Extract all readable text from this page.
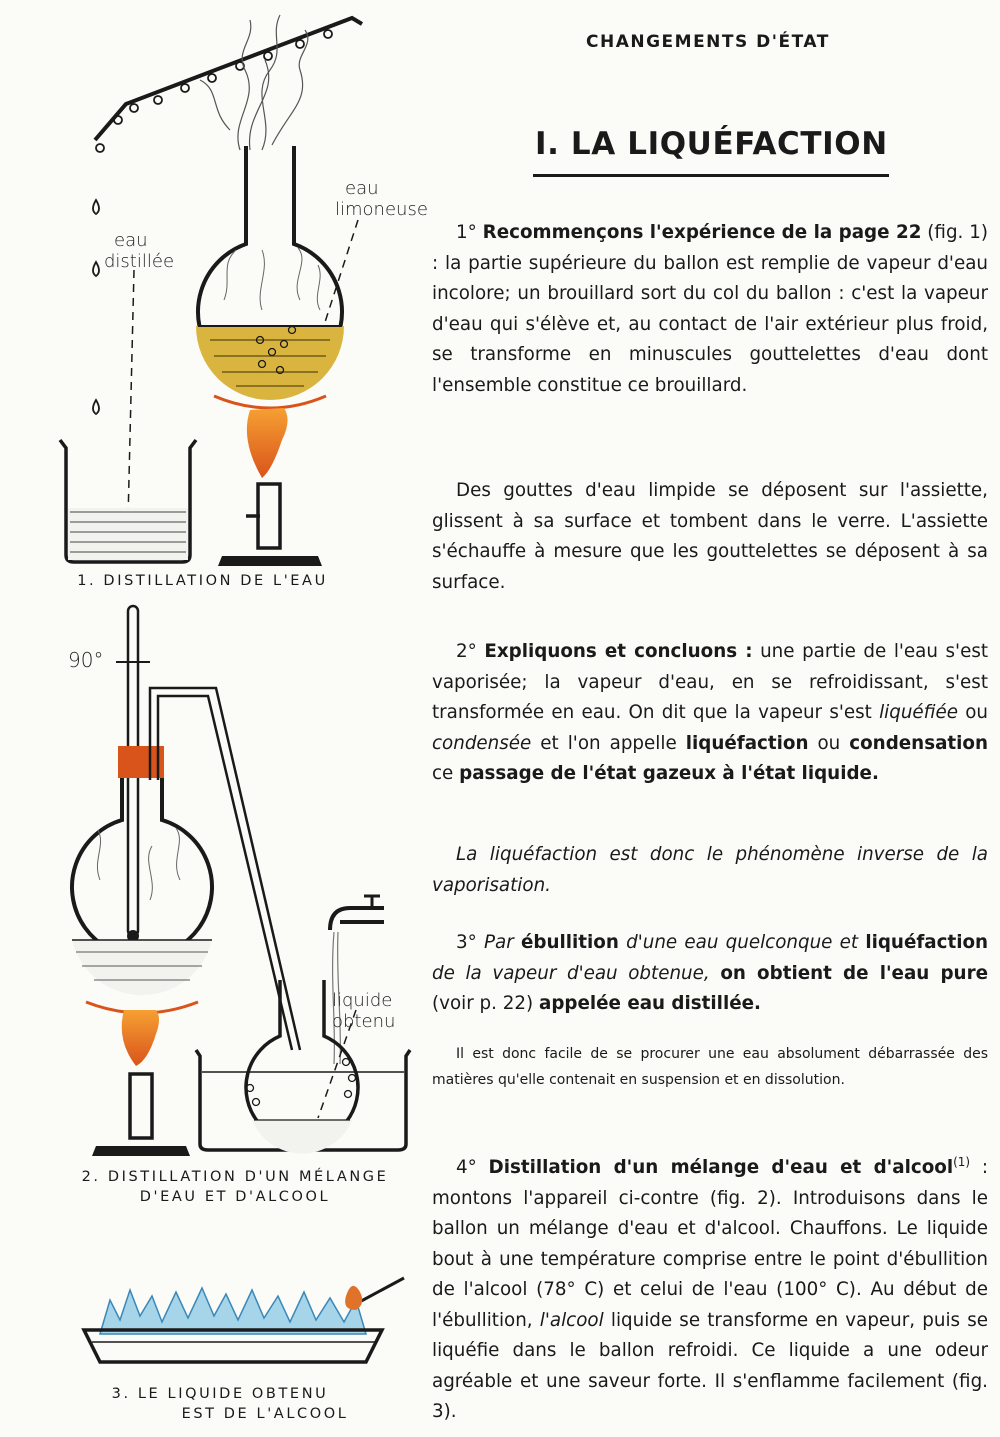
eau
limoneuse
eau
distillée
90°
liquide
obtenu
1. DISTILLATION DE L'EAU
2. DISTILLATION D'UN MÉLANGE
D'EAU ET D'ALCOOL
3. LE LIQUIDE OBTENU
EST DE L'ALCOOL
CHANGEMENTS D'ÉTAT
I. LA LIQUÉFACTION
1° Recommençons l'expérience de la page 22 (fig. 1) : la partie supérieure du ballon est remplie de vapeur d'eau incolore; un brouillard sort du col du ballon : c'est la vapeur d'eau qui s'élève et, au contact de l'air extérieur plus froid, se transforme en minuscules gouttelettes d'eau dont l'ensemble constitue ce brouillard.
Des gouttes d'eau limpide se déposent sur l'assiette, glissent à sa surface et tombent dans le verre. L'assiette s'échauffe à mesure que les gouttelettes se déposent à sa surface.
2° Expliquons et concluons : une partie de l'eau s'est vaporisée; la vapeur d'eau, en se refroidissant, s'est transformée en eau. On dit que la vapeur s'est liquéfiée ou condensée et l'on appelle liquéfaction ou condensation ce passage de l'état gazeux à l'état liquide.
La liquéfaction est donc le phénomène inverse de la vaporisation.
3° Par ébullition d'une eau quelconque et liquéfaction de la vapeur d'eau obtenue, on obtient de l'eau pure (voir p. 22) appelée eau distillée.
Il est donc facile de se procurer une eau absolument débarrassée des matières qu'elle contenait en suspension et en dissolution.
4° Distillation d'un mélange d'eau et d'alcool$^{(1)}$ : montons l'appareil ci-contre (fig. 2). Introduisons dans le ballon un mélange d'eau et d'alcool. Chauffons. Le liquide bout à une température comprise entre le point d'ébullition de l'alcool (78° C) et celui de l'eau (100° C). Au début de l'ébullition, l'alcool liquide se transforme en vapeur, puis se liquéfie dans le ballon refroidi. Ce liquide a une odeur agréable et une saveur forte. Il s'enflamme facilement (fig. 3).
